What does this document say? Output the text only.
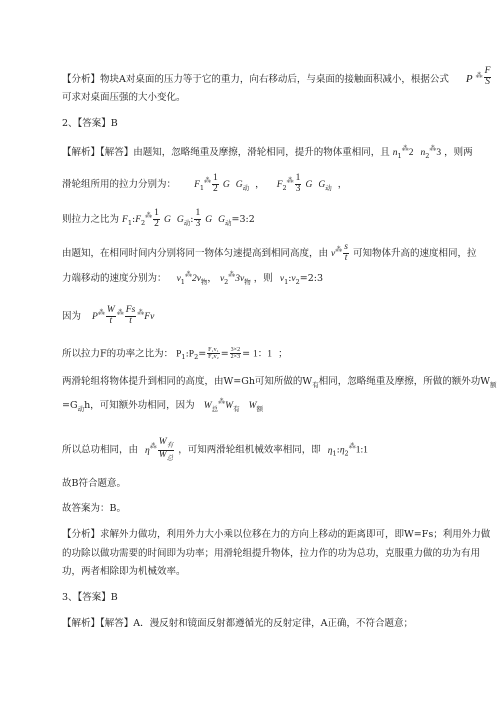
【分析】物块A对桌面的压力等于它的重力，向右移动后，与桌面的接触面积减小，根据公式 P $^⁂ \frac{F}{S}$
可求对桌面压强的大小变化。
2、【答案】B
【解析】【解答】由题知，忽略绳重及摩擦，滑轮相同，提升的物体重相同，且 $n_1^⁂2$ $n_2^⁂3$ ，则两
滑轮组所用的拉力分别为： $F_1^⁂ \frac{1}{2}$ G $G_动$  ，  $F_2^⁂ \frac{1}{3}$ G $G_动$  ，
则拉力之比为 $F_1:F_2^⁂ \frac{1}{2}$ G $G_动$: $\frac{1}{3}$ G $G_动=3:2$
由题知，在相同时间内分别将同一物体匀速提高到相同高度，由 $v^⁂ \frac{s}{t}$ 可知物体升高的速度相同，拉
力端移动的速度分别为： $v_1^⁂2v_物$， $v_2^⁂3v_物$ ，则 $v_1:v_2=2:3$
因为 $P^⁂ \frac{W}{t} ^⁂ \frac{Fs}{t} ^⁂Fv$
所以拉力F的功率之比为： $P_1:P_2= \frac{\text{F₁v₁}}{\text{F₂v₂}} = \frac{3\times 2}{2\times 3} = 1$：1 ；
两滑轮组将物体提升到相同的高度，由W=Gh可知所做的$W_有$相同，忽略绳重及摩擦，所做的额外功$W_额$
$=G_动h$，可知额外功相同，因为 $W_总^⁂W_有$ $W_额$
所以总功相同，由 $\eta^⁂ \frac{W_有}{W_总}$ ，可知两滑轮组机械效率相同，即 $\eta_1:\eta_2^⁂1:1$
故B符合题意。
故答案为：B。
【分析】求解外力做功，利用外力大小乘以位移在力的方向上移动的距离即可，即W=Fs；利用外力做
的功除以做功需要的时间即为功率；用滑轮组提升物体，拉力作的功为总功，克服重力做的功为有用
功，两者相除即为机械效率。
3、【答案】B
【解析】【解答】A．漫反射和镜面反射都遵循光的反射定律，A正确，不符合题意；
